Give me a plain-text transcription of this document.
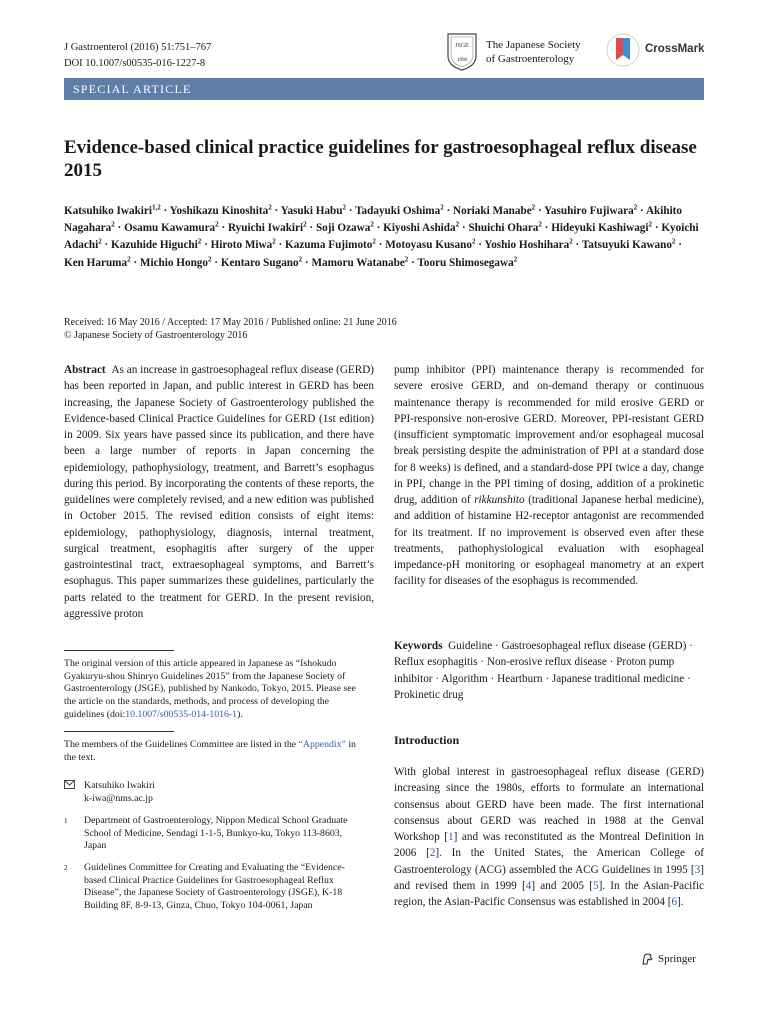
J Gastroenterol (2016) 51:751–767
DOI 10.1007/s00535-016-1227-8
JSGE
1898
The Japanese Society
of Gastroenterology
CrossMark
SPECIAL ARTICLE
Evidence-based clinical practice guidelines for gastroesophageal reflux disease 2015
Katsuhiko Iwakiri$^{1,2}$ · Yoshikazu Kinoshita$^2$ · Yasuki Habu$^2$ · Tadayuki Oshima$^2$ · Noriaki Manabe$^2$ · Yasuhiro Fujiwara$^2$ · Akihito Nagahara$^2$ · Osamu Kawamura$^2$ · Ryuichi Iwakiri$^2$ · Soji Ozawa$^2$ · Kiyoshi Ashida$^2$ · Shuichi Ohara$^2$ · Hideyuki Kashiwagi$^2$ · Kyoichi Adachi$^2$ · Kazuhide Higuchi$^2$ · Hiroto Miwa$^2$ · Kazuma Fujimoto$^2$ · Motoyasu Kusano$^2$ · Yoshio Hoshihara$^2$ · Tatsuyuki Kawano$^2$ · Ken Haruma$^2$ · Michio Hongo$^2$ · Kentaro Sugano$^2$ · Mamoru Watanabe$^2$ · Tooru Shimosegawa$^2$
Received: 16 May 2016 / Accepted: 17 May 2016 / Published online: 21 June 2016
© Japanese Society of Gastroenterology 2016

Abstract As an increase in gastroesophageal reflux disease (GERD) has been reported in Japan, and public interest in GERD has been increasing, the Japanese Society of Gastroenterology published the Evidence-based Clinical Practice Guidelines for GERD (1st edition) in 2009. Six years have passed since its publication, and there have been a large number of reports in Japan concerning the epidemiology, pathophysiology, treatment, and Barrett’s esophagus during this period. By incorporating the contents of these reports, the guidelines were completely revised, and a new edition was published in October 2015. The revised edition consists of eight items: epidemiology, pathophysiology, diagnosis, internal treatment, surgical treatment, esophagitis after surgery of the upper gastrointestinal tract, extraesophageal symptoms, and Barrett’s esophagus. This paper summarizes these guidelines, particularly the parts related to the treatment for GERD. In the present revision, aggressive proton

The original version of this article appeared in Japanese as “Ishokudo Gyakuryu-shou Shinryo Guidelines 2015” from the Japanese Society of Gastroenterology (JSGE), published by Nankodo, Tokyo, 2015. Please see the article on the standards, methods, and process of developing the guidelines (doi:10.1007/s00535-014-1016-1).
The members of the Guidelines Committee are listed in the “Appendix” in the text.
Katsuhiko Iwakiri
k-iwa@nms.ac.jp
1	Department of Gastroenterology, Nippon Medical School Graduate School of Medicine, Sendagi 1-1-5, Bunkyo-ku, Tokyo 113-8603, Japan
2	Guidelines Committee for Creating and Evaluating the “Evidence-based Clinical Practice Guidelines for Gastroesophageal Reflux Disease”, the Japanese Society of Gastroenterology (JSGE), K-18 Building 8F, 8-9-13, Ginza, Chuo, Tokyo 104-0061, Japan

pump inhibitor (PPI) maintenance therapy is recommended for severe erosive GERD, and on-demand therapy or continuous maintenance therapy is recommended for mild erosive GERD or PPI-responsive non-erosive GERD. Moreover, PPI-resistant GERD (insufficient symptomatic improvement and/or esophageal mucosal break persisting despite the administration of PPI at a standard dose for 8 weeks) is defined, and a standard-dose PPI twice a day, change in PPI, change in the PPI timing of dosing, addition of a prokinetic drug, addition of rikkunshito (traditional Japanese herbal medicine), and addition of histamine H2-receptor antagonist are recommended for its treatment. If no improvement is observed even after these treatments, pathophysiological evaluation with esophageal impedance-pH monitoring or esophageal manometry at an expert facility for diseases of the esophagus is recommended.

Keywords Guideline · Gastroesophageal reflux disease (GERD) · Reflux esophagitis · Non-erosive reflux disease · Proton pump inhibitor · Algorithm · Heartburn · Japanese traditional medicine · Prokinetic drug

Introduction

With global interest in gastroesophageal reflux disease (GERD) increasing since the 1980s, efforts to formulate an international consensus about GERD have been made. The first international consensus about GERD was reached in 1988 at the Genval Workshop [1] and was reconstituted as the Montreal Definition in 2006 [2]. In the United States, the American College of Gastroenterology (ACG) assembled the ACG Guidelines in 1995 [3] and revised them in 1999 [4] and 2005 [5]. In the Asian-Pacific region, the Asian-Pacific Consensus was established in 2004 [6].

Springer
